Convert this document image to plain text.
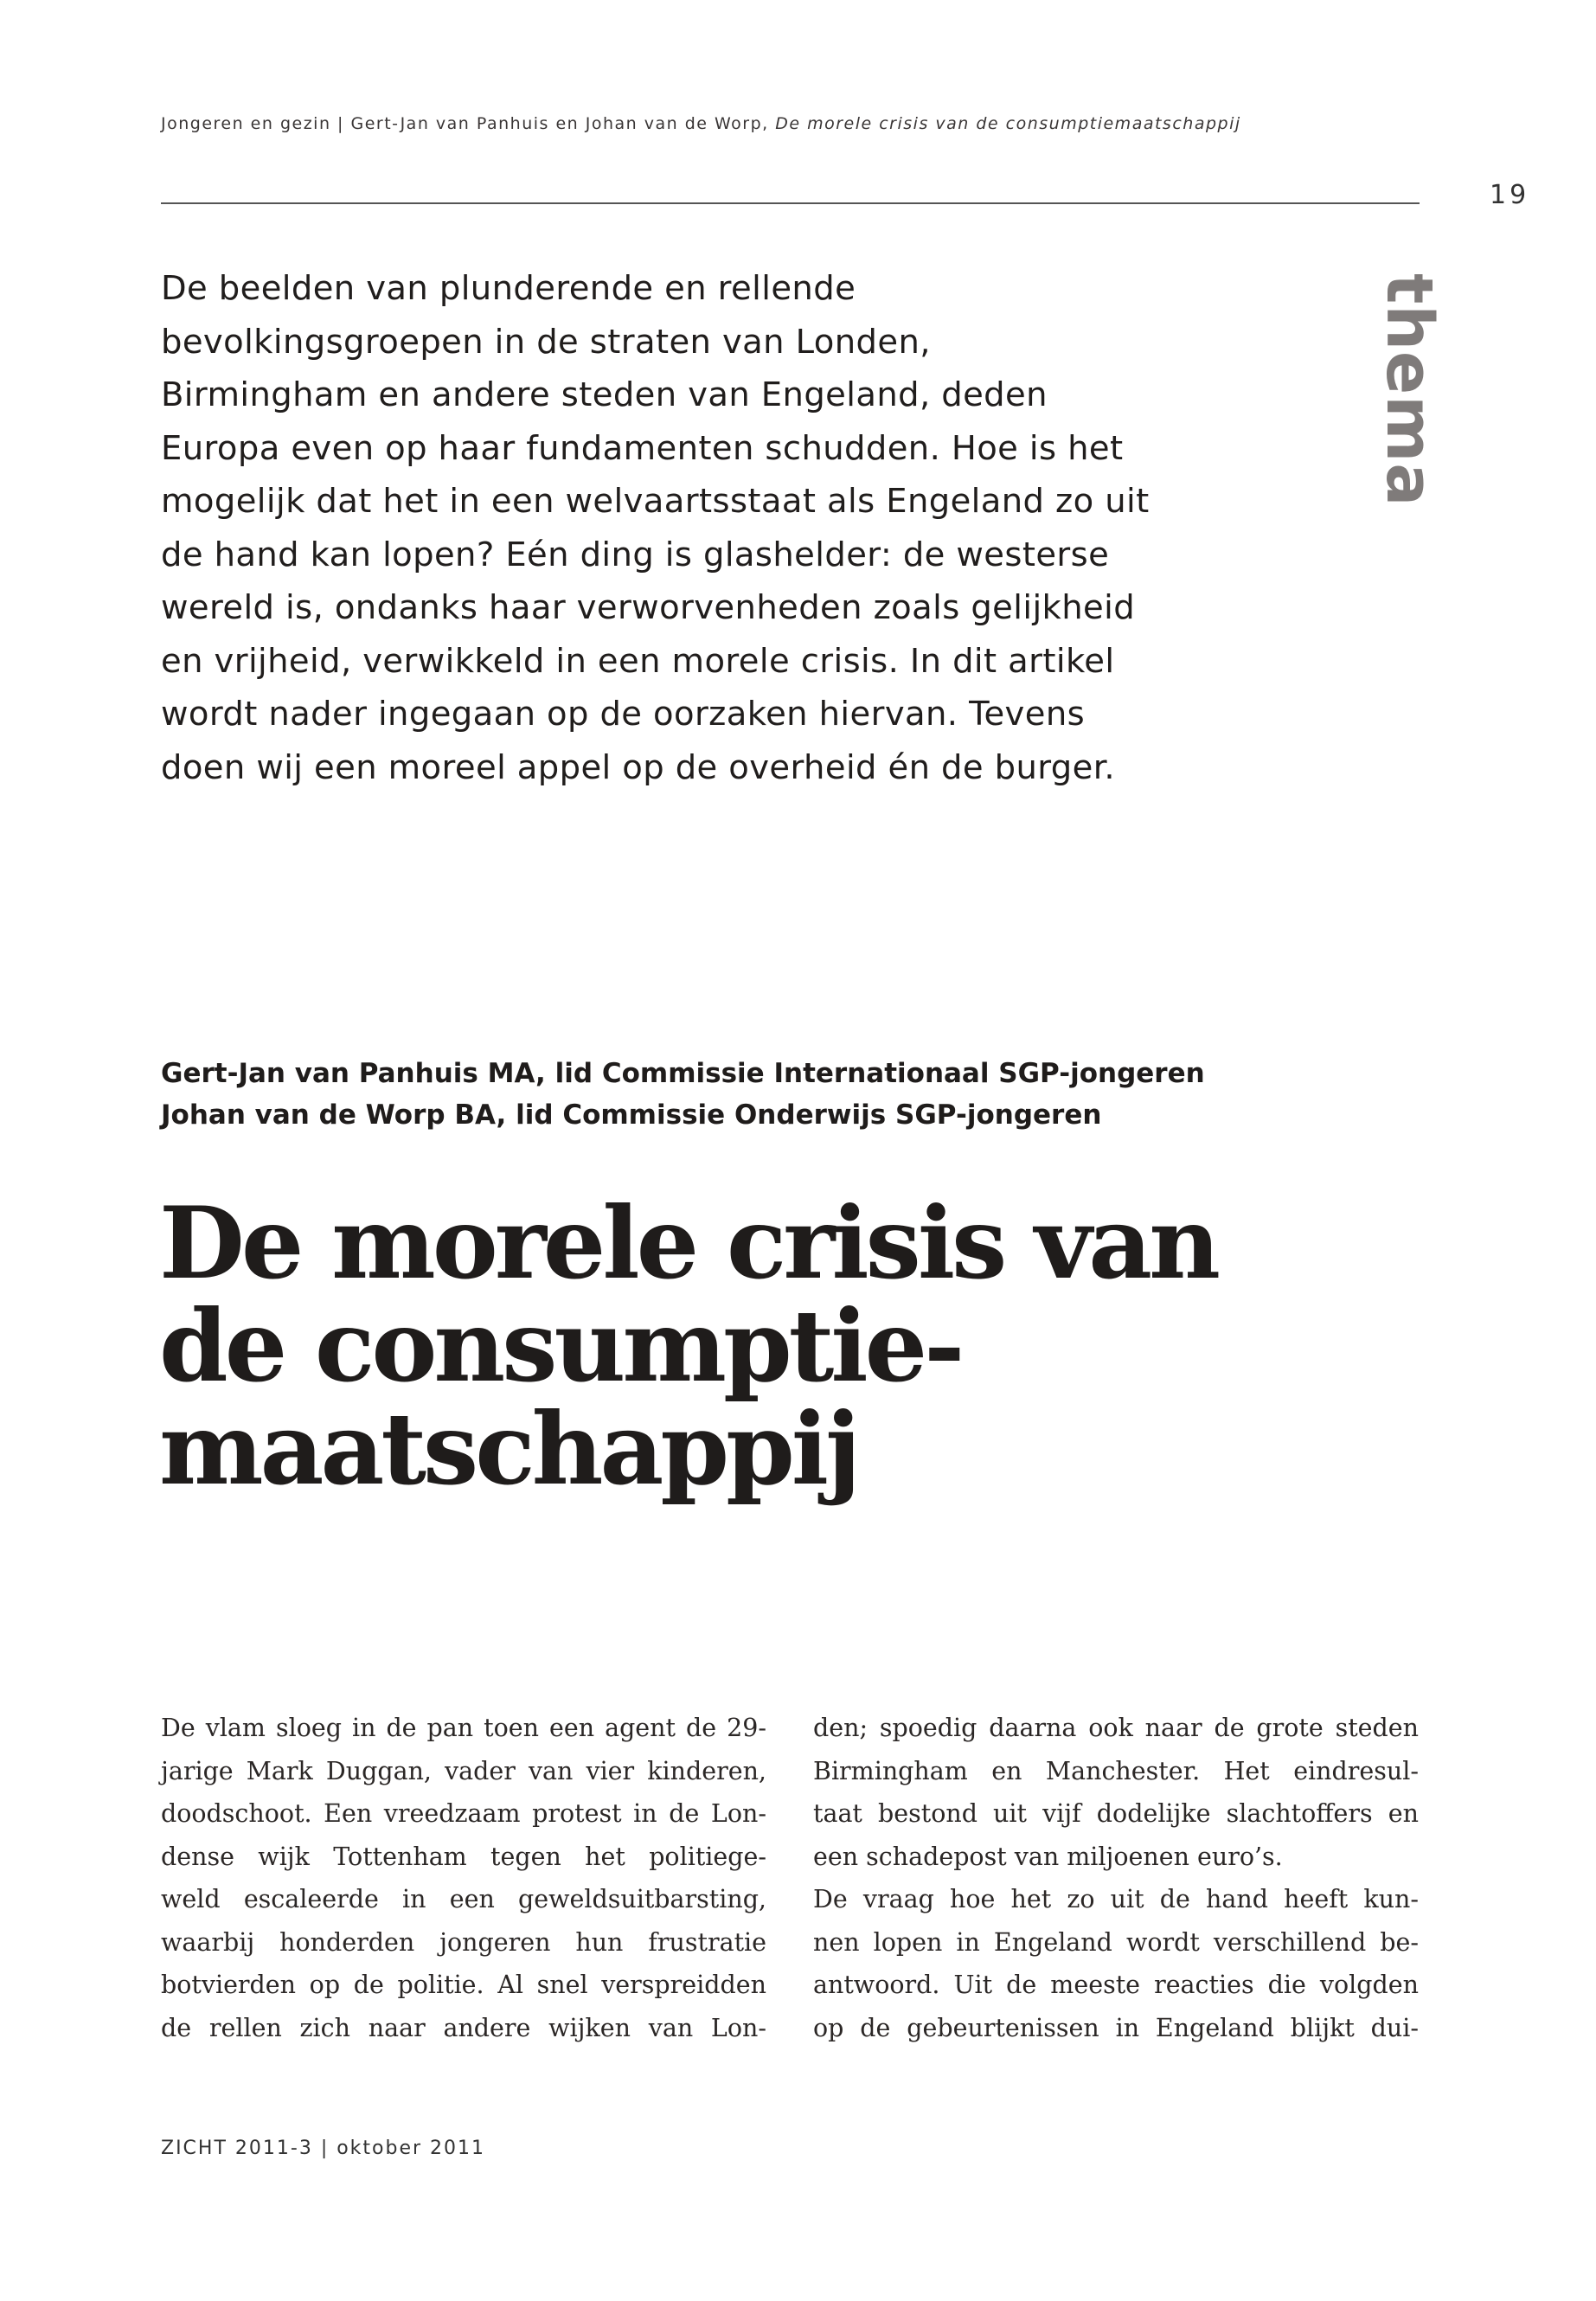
Jongeren en gezin | Gert-Jan van Panhuis en Johan van de Worp, De morele crisis van de consumptiemaatschappij
19
thema
De beelden van plunderende en rellende
bevolkingsgroepen in de straten van Londen,
Birmingham en andere steden van Engeland, deden
Europa even op haar fundamenten schudden. Hoe is het
mogelijk dat het in een welvaartsstaat als Engeland zo uit
de hand kan lopen? Eén ding is glashelder: de westerse
wereld is, ondanks haar verworvenheden zoals gelijkheid
en vrijheid, verwikkeld in een morele crisis. In dit artikel
wordt nader ingegaan op de oorzaken hiervan. Tevens
doen wij een moreel appel op de overheid én de burger.
Gert-Jan van Panhuis MA, lid Commissie Internationaal SGP-jongeren
Johan van de Worp BA, lid Commissie Onderwijs SGP-jongeren
De morele crisis van
de consumptie-
maatschappij
De vlam sloeg in de pan toen een agent de 29-
jarige Mark Duggan, vader van vier kinderen,
doodschoot. Een vreedzaam protest in de Lon-
dense wijk Tottenham tegen het politiege-
weld escaleerde in een geweldsuitbarsting,
waarbij honderden jongeren hun frustratie
botvierden op de politie. Al snel verspreidden
de rellen zich naar andere wijken van Lon-
den; spoedig daarna ook naar de grote steden
Birmingham en Manchester. Het eindresul-
taat bestond uit vijf dodelijke slachtoffers en
een schadepost van miljoenen euro’s.
De vraag hoe het zo uit de hand heeft kun-
nen lopen in Engeland wordt verschillend be-
antwoord. Uit de meeste reacties die volgden
op de gebeurtenissen in Engeland blijkt dui-
ZICHT 2011-3 | oktober 2011
